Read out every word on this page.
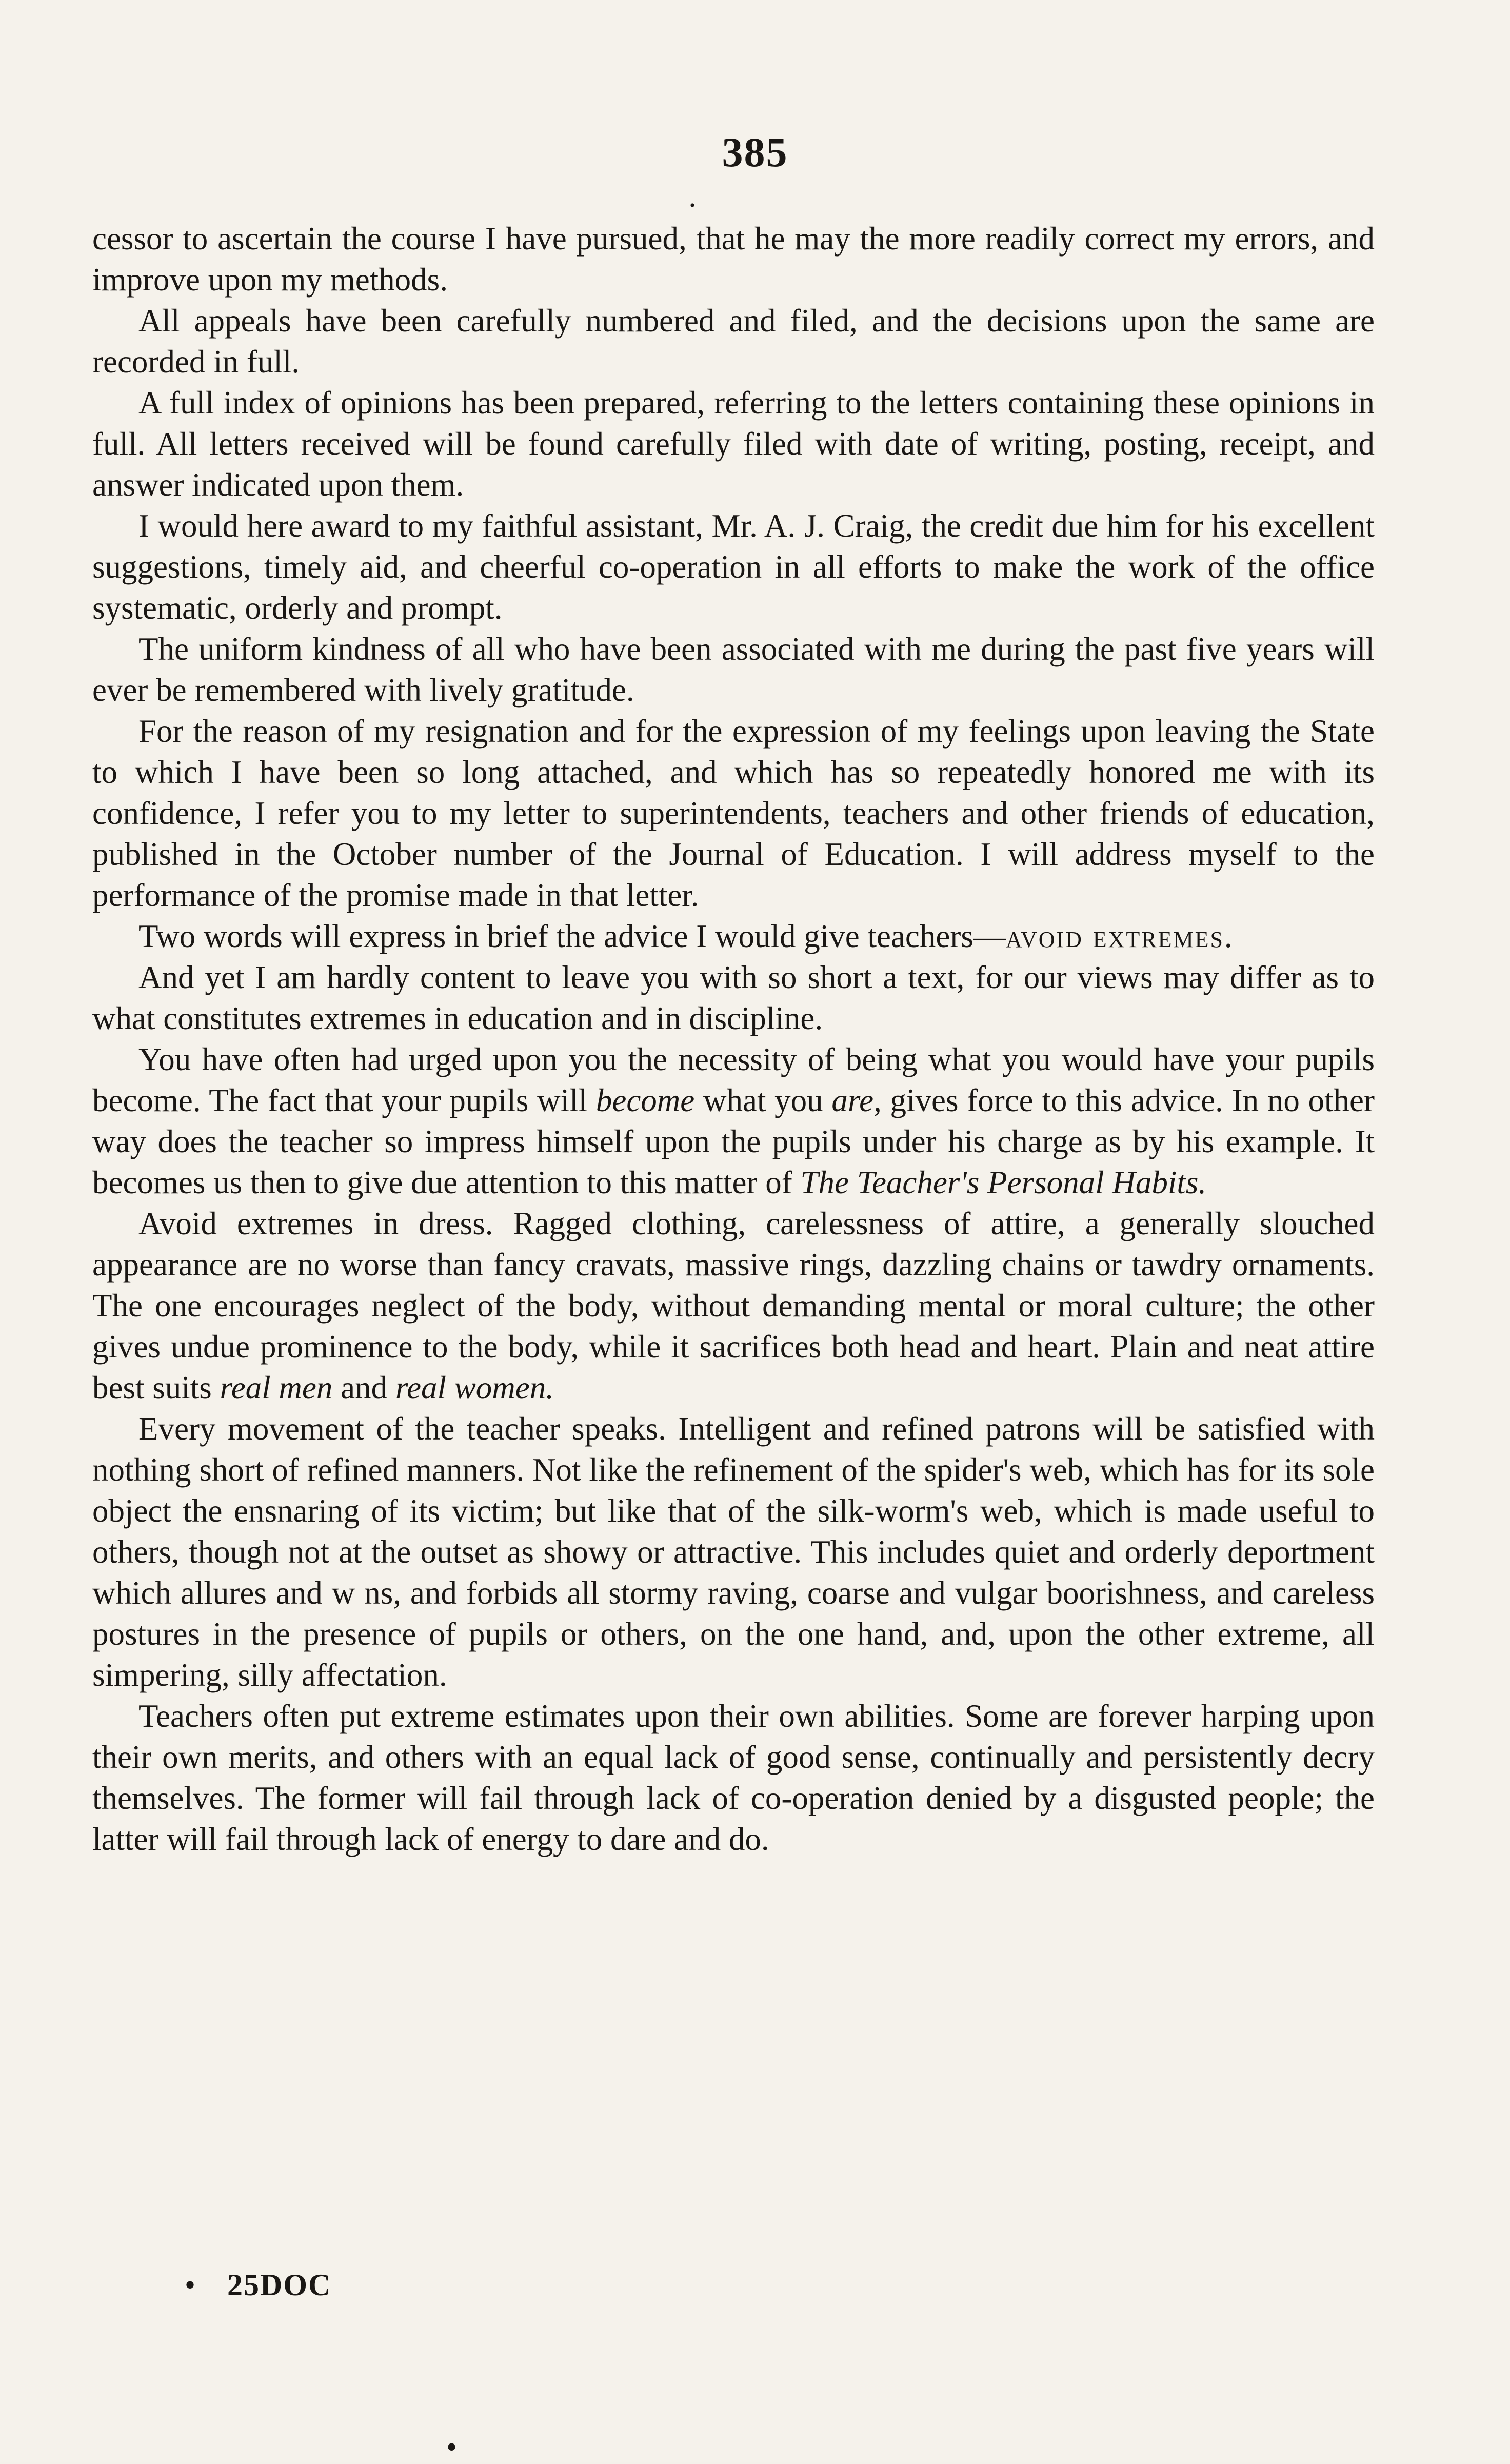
385
·

cessor to ascertain the course I have pursued, that he may the more readily correct my errors, and improve upon my methods.

All appeals have been carefully numbered and filed, and the decisions upon the same are recorded in full.

A full index of opinions has been prepared, referring to the letters containing these opinions in full. All letters received will be found carefully filed with date of writing, posting, receipt, and answer indicated upon them.

I would here award to my faithful assistant, Mr. A. J. Craig, the credit due him for his excellent suggestions, timely aid, and cheerful co-operation in all efforts to make the work of the office systematic, orderly and prompt.

The uniform kindness of all who have been associated with me during the past five years will ever be remembered with lively gratitude.

For the reason of my resignation and for the expression of my feelings upon leaving the State to which I have been so long attached, and which has so repeatedly honored me with its confidence, I refer you to my letter to superintendents, teachers and other friends of education, published in the October number of the Journal of Education. I will address myself to the performance of the promise made in that letter.

Two words will express in brief the advice I would give teachers—avoid extremes.

And yet I am hardly content to leave you with so short a text, for our views may differ as to what constitutes extremes in education and in discipline.

You have often had urged upon you the necessity of being what you would have your pupils become. The fact that your pupils will become what you are, gives force to this advice. In no other way does the teacher so impress himself upon the pupils under his charge as by his example. It becomes us then to give due attention to this matter of The Teacher's Personal Habits.

Avoid extremes in dress. Ragged clothing, carelessness of attire, a generally slouched appearance are no worse than fancy cravats, massive rings, dazzling chains or tawdry ornaments. The one encourages neglect of the body, without demanding mental or moral culture; the other gives undue prominence to the body, while it sacrifices both head and heart. Plain and neat attire best suits real men and real women.

Every movement of the teacher speaks. Intelligent and refined patrons will be satisfied with nothing short of refined manners. Not like the refinement of the spider's web, which has for its sole object the ensnaring of its victim; but like that of the silk-worm's web, which is made useful to others, though not at the outset as showy or attractive. This includes quiet and orderly deportment which allures and w ns, and forbids all stormy raving, coarse and vulgar boorishness, and careless postures in the presence of pupils or others, on the one hand, and, upon the other extreme, all simpering, silly affectation.

Teachers often put extreme estimates upon their own abilities. Some are forever harping upon their own merits, and others with an equal lack of good sense, continually and persistently decry themselves. The former will fail through lack of co-operation denied by a disgusted people; the latter will fail through lack of energy to dare and do.

• 25DOC
•
